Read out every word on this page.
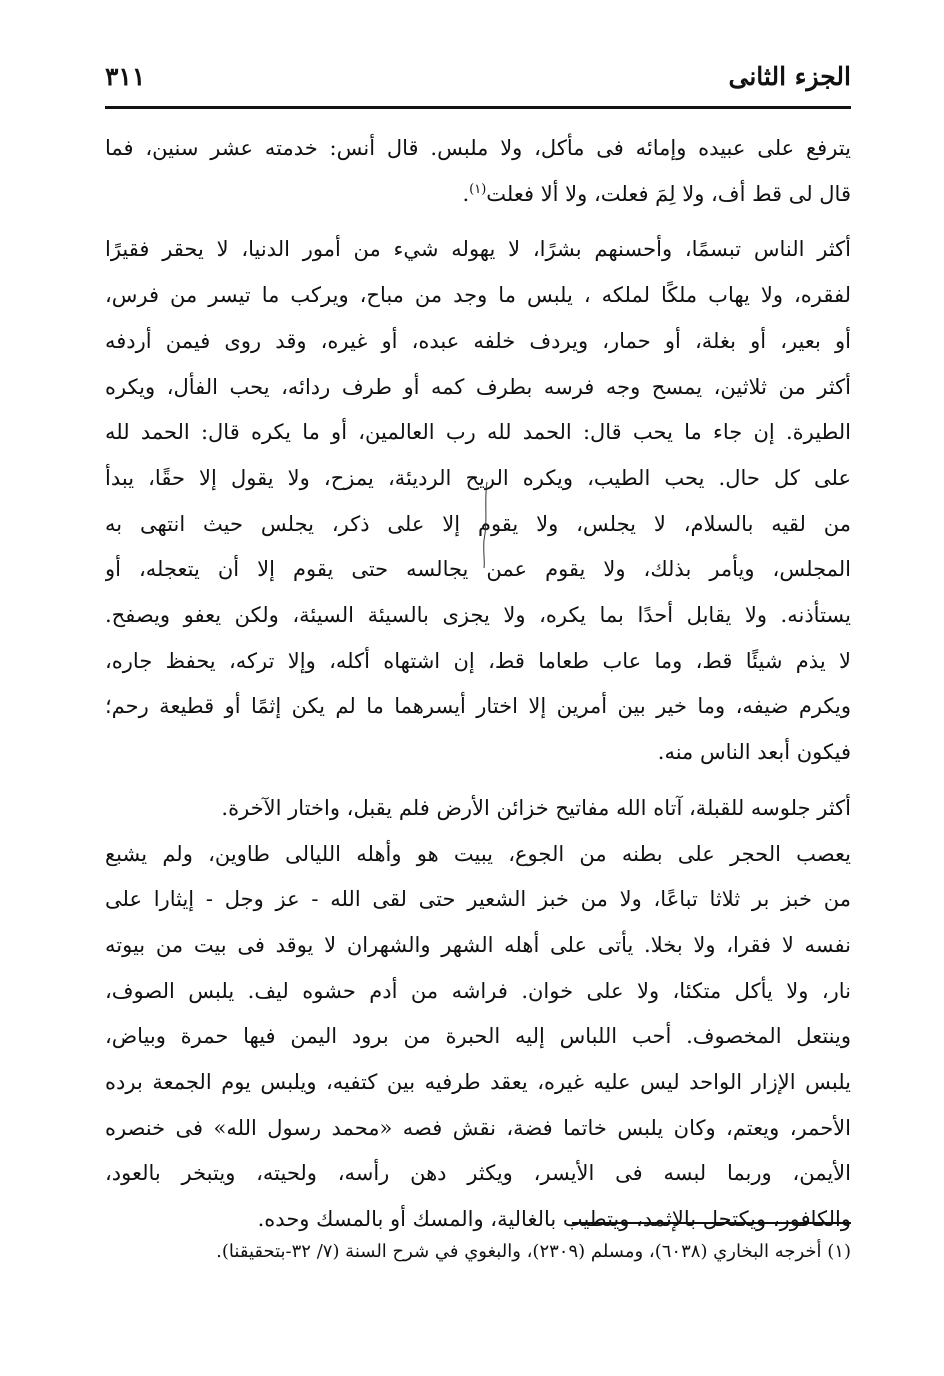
الجزء الثانى
٣١١

يترفع على عبيده وإمائه فى مأكل، ولا ملبس. قال أنس: خدمته عشر سنين، فما
قال لى قط أف، ولا لِمَ فعلت، ولا ألا فعلت$^{(١)}$.

أكثر الناس تبسمًا، وأحسنهم بشرًا، لا يهوله شيء من أمور الدنيا، لا يحقر فقيرًا
لفقره، ولا يهاب ملكًا لملكه ، يلبس ما وجد من مباح، ويركب ما تيسر من فرس،
أو بعير، أو بغلة، أو حمار، ويردف خلفه عبده، أو غيره، وقد روى فيمن أردفه
أكثر من ثلاثين، يمسح وجه فرسه بطرف كمه أو طرف ردائه، يحب الفأل، ويكره
الطيرة. إن جاء ما يحب قال: الحمد لله رب العالمين، أو ما يكره قال: الحمد لله
على كل حال. يحب الطيب، ويكره الريح الرديئة، يمزح، ولا يقول إلا حقًا، يبدأ
من لقيه بالسلام، لا يجلس، ولا يقوم إلا على ذكر، يجلس حيث انتهى به
المجلس، ويأمر بذلك، ولا يقوم عمن يجالسه حتى يقوم إلا أن يتعجله، أو
يستأذنه. ولا يقابل أحدًا بما يكره، ولا يجزى بالسيئة السيئة، ولكن يعفو ويصفح.
لا يذم شيئًا قط، وما عاب طعاما قط، إن اشتهاه أكله، وإلا تركه، يحفظ جاره،
ويكرم ضيفه، وما خير بين أمرين إلا اختار أيسرهما ما لم يكن إثمًا أو قطيعة رحم؛
فيكون أبعد الناس منه.

أكثر جلوسه للقبلة، آتاه الله مفاتيح خزائن الأرض فلم يقبل، واختار الآخرة.

يعصب الحجر على بطنه من الجوع، يبيت هو وأهله الليالى طاوين، ولم يشبع
من خبز بر ثلاثا تباعًا، ولا من خبز الشعير حتى لقى الله - عز وجل - إيثارا على
نفسه لا فقرا، ولا بخلا. يأتى على أهله الشهر والشهران لا يوقد فى بيت من بيوته
نار، ولا يأكل متكئا، ولا على خوان. فراشه من أدم حشوه ليف. يلبس الصوف،
وينتعل المخصوف. أحب اللباس إليه الحبرة من برود اليمن فيها حمرة وبياض،
يلبس الإزار الواحد ليس عليه غيره، يعقد طرفيه بين كتفيه، ويلبس يوم الجمعة برده
الأحمر، ويعتم، وكان يلبس خاتما فضة، نقش فصه «محمد رسول الله» فى خنصره
الأيمن، وربما لبسه فى الأيسر، ويكثر دهن رأسه، ولحيته، ويتبخر بالعود،
والكافور، ويكتحل بالإثمد، ويتطيب بالغالية، والمسك أو بالمسك وحده.

(١) أخرجه البخاري (٦٠٣٨)، ومسلم (٢٣٠٩)، والبغوي في شرح السنة (٧/ ٣٢-بتحقيقنا).
